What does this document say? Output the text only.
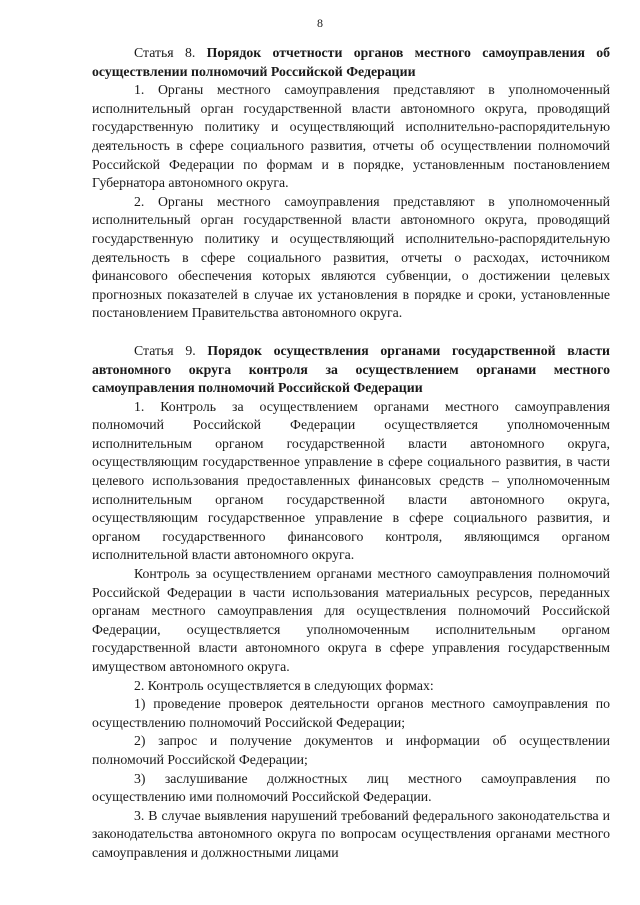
8

Статья 8. Порядок отчетности органов местного самоуправления об осуществлении полномочий Российской Федерации

1. Органы местного самоуправления представляют в уполномоченный исполнительный орган государственной власти автономного округа, проводящий государственную политику и осуществляющий исполнительно-распорядительную деятельность в сфере социального развития, отчеты об осуществлении полномочий Российской Федерации по формам и в порядке, установленным постановлением Губернатора автономного округа.

2. Органы местного самоуправления представляют в уполномоченный исполнительный орган государственной власти автономного округа, проводящий государственную политику и осуществляющий исполнительно-распорядительную деятельность в сфере социального развития, отчеты о расходах, источником финансового обеспечения которых являются субвенции, о достижении целевых прогнозных показателей в случае их установления в порядке и сроки, установленные постановлением Правительства автономного округа.

Статья 9. Порядок осуществления органами государственной власти автономного округа контроля за осуществлением органами местного самоуправления полномочий Российской Федерации

1. Контроль за осуществлением органами местного самоуправления полномочий Российской Федерации осуществляется уполномоченным исполнительным органом государственной власти автономного округа, осуществляющим государственное управление в сфере социального развития, в части целевого использования предоставленных финансовых средств – уполномоченным исполнительным органом государственной власти автономного округа, осуществляющим государственное управление в сфере социального развития, и органом государственного финансового контроля, являющимся органом исполнительной власти автономного округа.

Контроль за осуществлением органами местного самоуправления полномочий Российской Федерации в части использования материальных ресурсов, переданных органам местного самоуправления для осуществления полномочий Российской Федерации, осуществляется уполномоченным исполнительным органом государственной власти автономного округа в сфере управления государственным имуществом автономного округа.

2. Контроль осуществляется в следующих формах:

1) проведение проверок деятельности органов местного самоуправления по осуществлению полномочий Российской Федерации;

2) запрос и получение документов и информации об осуществлении полномочий Российской Федерации;

3) заслушивание должностных лиц местного самоуправления по осуществлению ими полномочий Российской Федерации.

3. В случае выявления нарушений требований федерального законодательства и законодательства автономного округа по вопросам осуществления органами местного самоуправления и должностными лицами
